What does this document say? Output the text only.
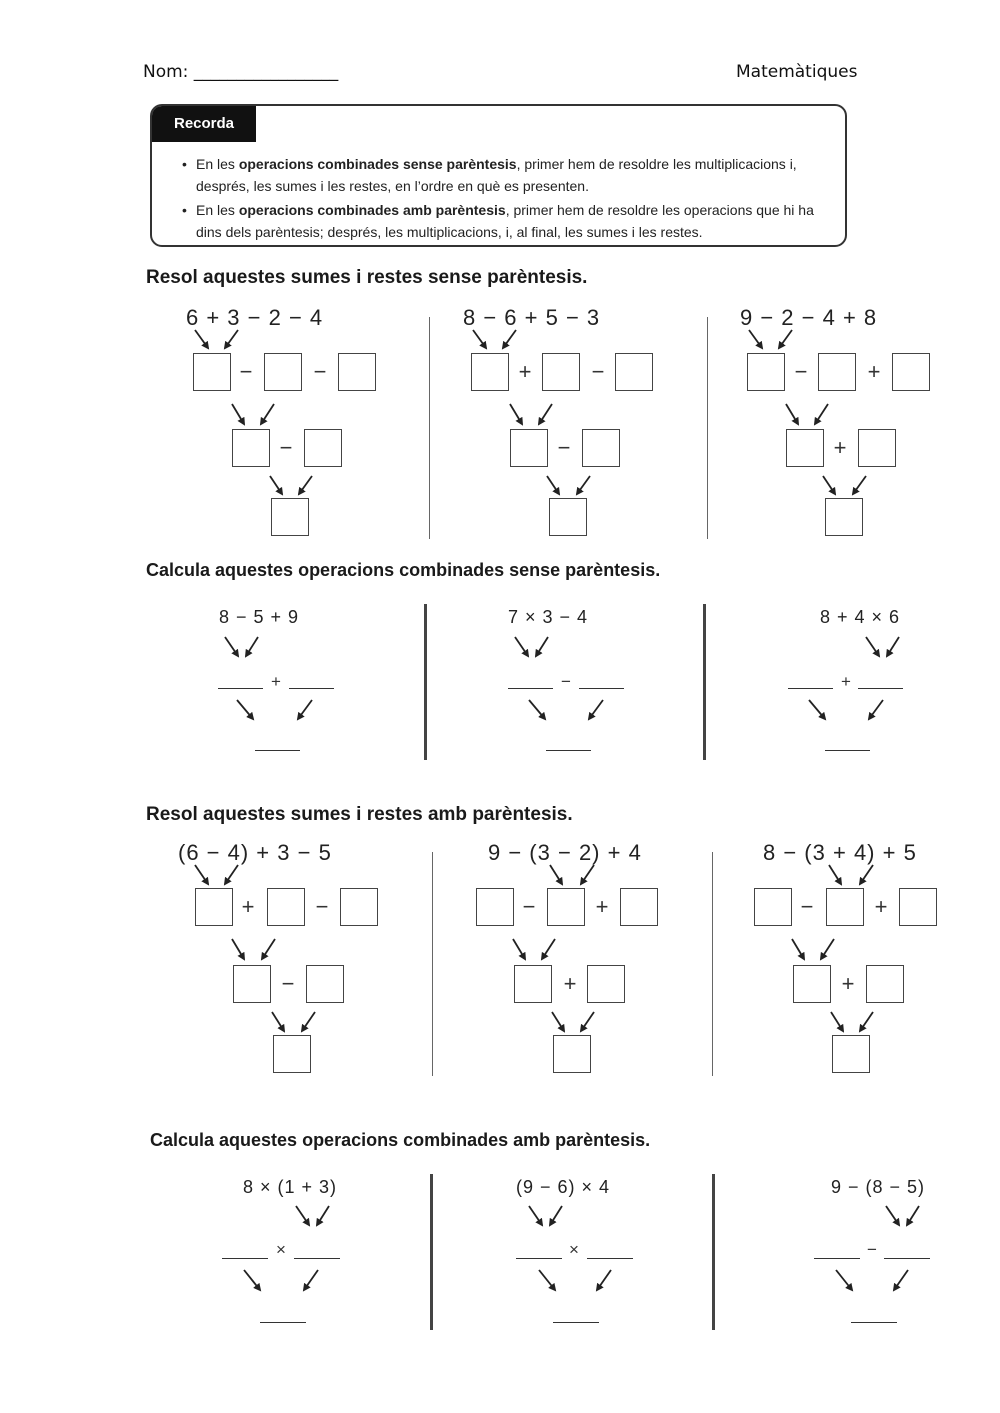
Nom: _________________	Matemàtiques
Recorda
• En les operacions combinades sense parèntesis, primer hem de resoldre les multiplicacions i, després, les sumes i les restes, en l’ordre en què es presenten.
• En les operacions combinades amb parèntesis, primer hem de resoldre les operacions que hi ha dins dels parèntesis; després, les multiplicacions, i, al final, les sumes i les restes.
Resol aquestes sumes i restes sense parèntesis.
Calcula aquestes operacions combinades sense parèntesis.
Resol aquestes sumes i restes amb parèntesis.
Calcula aquestes operacions combinades amb parèntesis.
6 + 3 − 2 − 4	8 − 6 + 5 − 3	9 − 2 − 4 + 8
−	−
−
+	−
−
−	+
+
8 − 5 + 9	7 × 3 − 4	8 + 4 × 6
+	−	+
(6 − 4) + 3 − 5	9 − (3 − 2) + 4	8 − (3 + 4) + 5
+	−
−
−	+
+
−	+
+
8 × (1 + 3)	(9 − 6) × 4	9 − (8 − 5)
×	×	−
